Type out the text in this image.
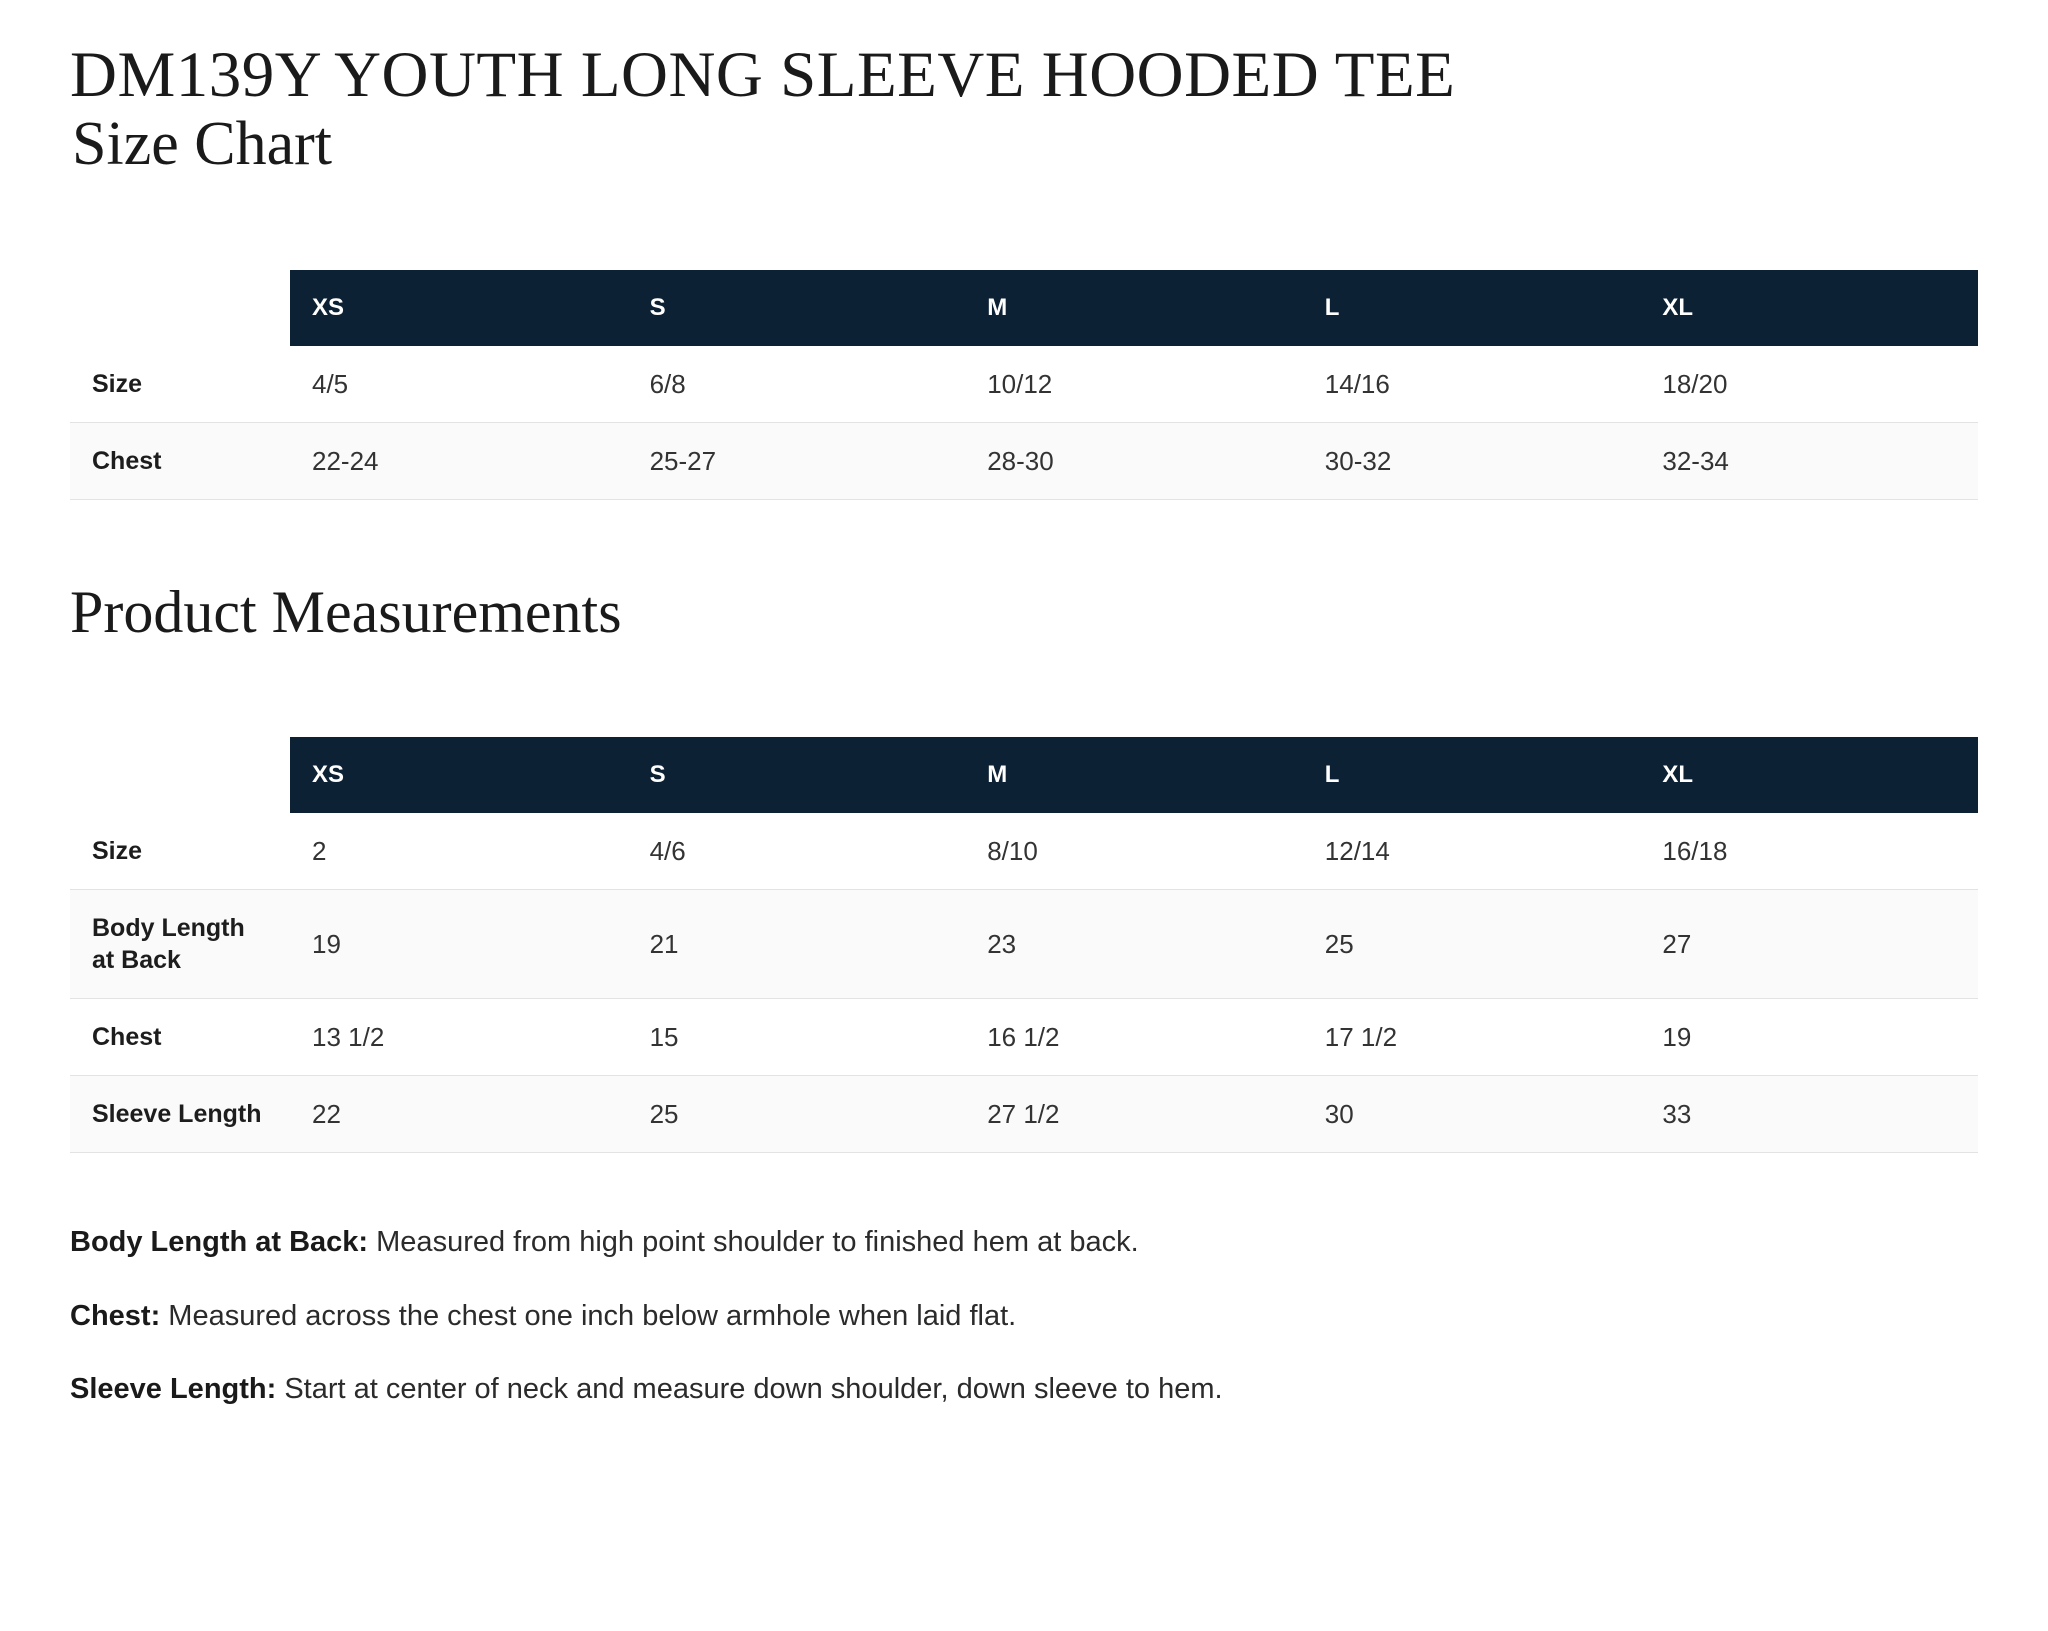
DM139Y YOUTH LONG SLEEVE HOODED TEE
Size Chart
	XS	S	M	L	XL
Size	4/5	6/8	10/12	14/16	18/20
Chest	22-24	25-27	28-30	30-32	32-34
Product Measurements
	XS	S	M	L	XL
Size	2	4/6	8/10	12/14	16/18
Body Length at Back	19	21	23	25	27
Chest	13 1/2	15	16 1/2	17 1/2	19
Sleeve Length	22	25	27 1/2	30	33

Body Length at Back: Measured from high point shoulder to finished hem at back.

Chest: Measured across the chest one inch below armhole when laid flat.

Sleeve Length: Start at center of neck and measure down shoulder, down sleeve to hem.
